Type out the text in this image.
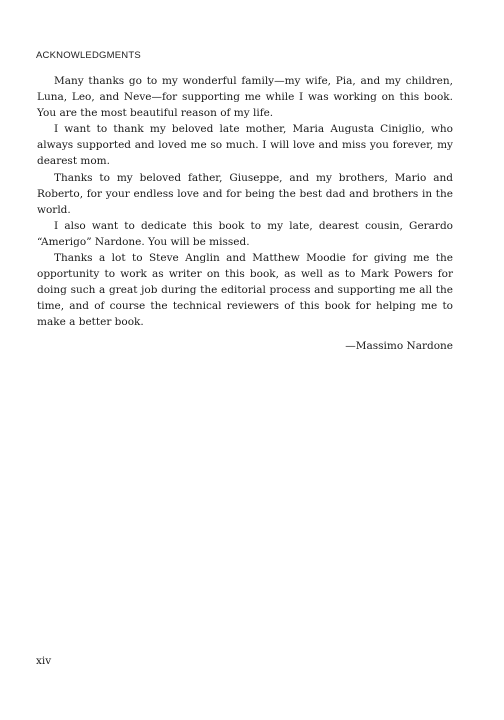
ACKNOWLEDGMENTS

Many thanks go to my wonderful family—my wife, Pia, and my children, Luna, Leo, and Neve—for supporting me while I was working on this book. You are the most beautiful reason of my life.

I want to thank my beloved late mother, Maria Augusta Ciniglio, who always supported and loved me so much. I will love and miss you forever, my dearest mom.

Thanks to my beloved father, Giuseppe, and my brothers, Mario and Roberto, for your endless love and for being the best dad and brothers in the world.

I also want to dedicate this book to my late, dearest cousin, Gerardo “Amerigo” Nardone. You will be missed.

Thanks a lot to Steve Anglin and Matthew Moodie for giving me the opportunity to work as writer on this book, as well as to Mark Powers for doing such a great job during the editorial process and supporting me all the time, and of course the technical reviewers of this book for helping me to make a better book.

—Massimo Nardone

xiv
